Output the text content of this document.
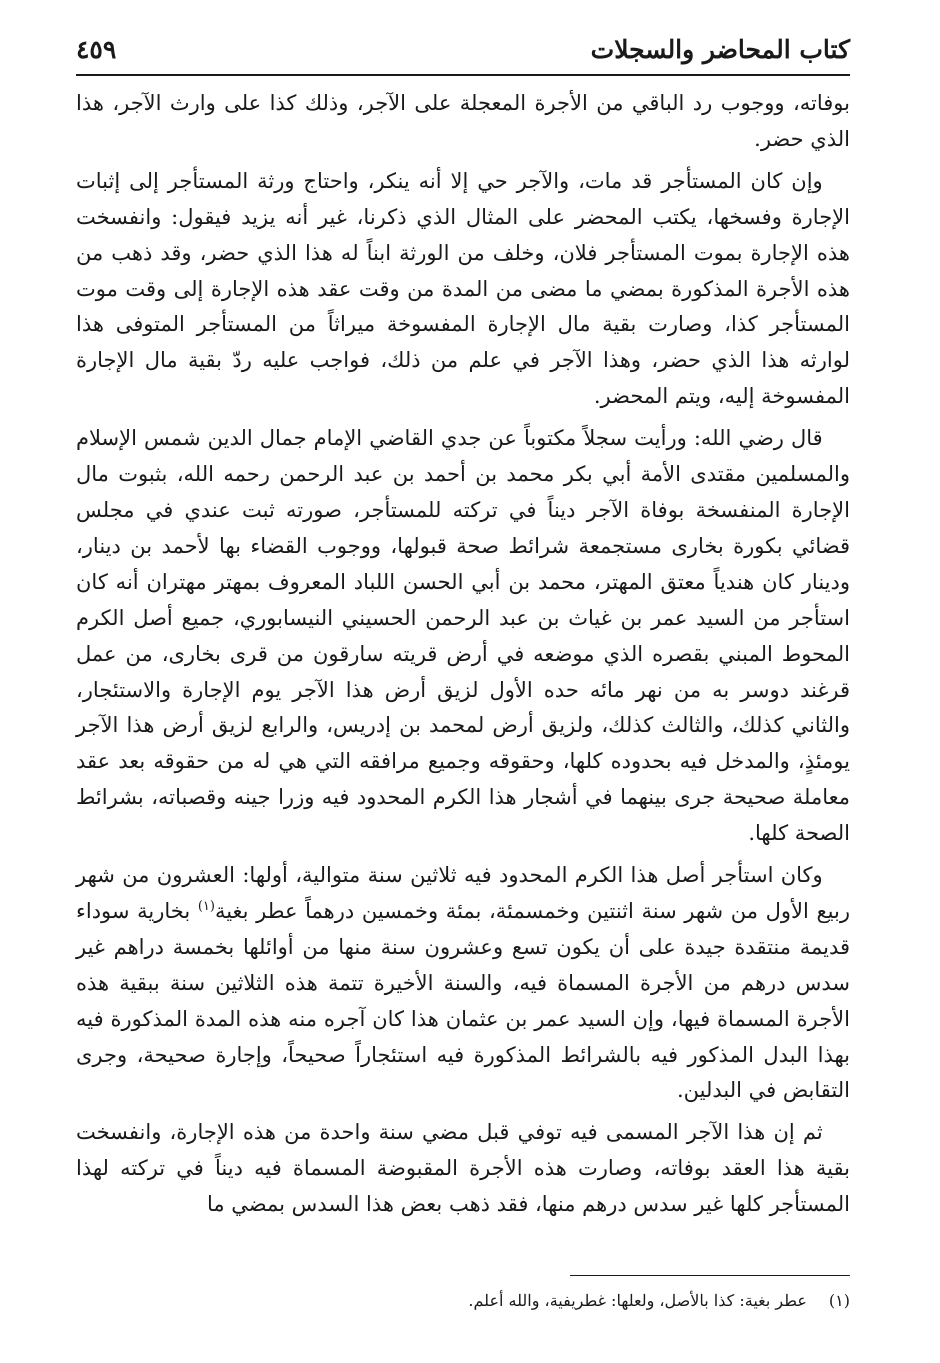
كتاب المحاضر والسجلات
٤٥٩

بوفاته، ووجوب رد الباقي من الأجرة المعجلة على الآجر، وذلك كذا على وارث الآجر، هذا الذي حضر.

وإن كان المستأجر قد مات، والآجر حي إلا أنه ينكر، واحتاج ورثة المستأجر إلى إثبات الإجارة وفسخها، يكتب المحضر على المثال الذي ذكرنا، غير أنه يزيد فيقول: وانفسخت هذه الإجارة بموت المستأجر فلان، وخلف من الورثة ابناً له هذا الذي حضر، وقد ذهب من هذه الأجرة المذكورة بمضي ما مضى من المدة من وقت عقد هذه الإجارة إلى وقت موت المستأجر كذا، وصارت بقية مال الإجارة المفسوخة ميراثاً من المستأجر المتوفى هذا لوارثه هذا الذي حضر، وهذا الآجر في علم من ذلك، فواجب عليه ردّ بقية مال الإجارة المفسوخة إليه، ويتم المحضر.

قال رضي الله: ورأيت سجلاً مكتوباً عن جدي القاضي الإمام جمال الدين شمس الإسلام والمسلمين مقتدى الأمة أبي بكر محمد بن أحمد بن عبد الرحمن رحمه الله، بثبوت مال الإجارة المنفسخة بوفاة الآجر ديناً في تركته للمستأجر، صورته ثبت عندي في مجلس قضائي بكورة بخارى مستجمعة شرائط صحة قبولها، ووجوب القضاء بها لأحمد بن دينار، ودينار كان هندياً معتق المهتر، محمد بن أبي الحسن اللباد المعروف بمهتر مهتران أنه كان استأجر من السيد عمر بن غياث بن عبد الرحمن الحسيني النيسابوري، جميع أصل الكرم المحوط المبني بقصره الذي موضعه في أرض قريته سارقون من قرى بخارى، من عمل قرغند دوسر به من نهر مائه حده الأول لزيق أرض هذا الآجر يوم الإجارة والاستئجار، والثاني كذلك، والثالث كذلك، ولزيق أرض لمحمد بن إدريس، والرابع لزيق أرض هذا الآجر يومئذٍ، والمدخل فيه بحدوده كلها، وحقوقه وجميع مرافقه التي هي له من حقوقه بعد عقد معاملة صحيحة جرى بينهما في أشجار هذا الكرم المحدود فيه وزرا جينه وقصباته، بشرائط الصحة كلها.

وكان استأجر أصل هذا الكرم المحدود فيه ثلاثين سنة متوالية، أولها: العشرون من شهر ربيع الأول من شهر سنة اثنتين وخمسمئة، بمئة وخمسين درهماً عطر بغية$^{(١)}$ بخارية سوداء قديمة منتقدة جيدة على أن يكون تسع وعشرون سنة منها من أوائلها بخمسة دراهم غير سدس درهم من الأجرة المسماة فيه، والسنة الأخيرة تتمة هذه الثلاثين سنة ببقية هذه الأجرة المسماة فيها، وإن السيد عمر بن عثمان هذا كان آجره منه هذه المدة المذكورة فيه بهذا البدل المذكور فيه بالشرائط المذكورة فيه استئجاراً صحيحاً، وإجارة صحيحة، وجرى التقابض في البدلين.

ثم إن هذا الآجر المسمى فيه توفي قبل مضي سنة واحدة من هذه الإجارة، وانفسخت بقية هذا العقد بوفاته، وصارت هذه الأجرة المقبوضة المسماة فيه ديناً في تركته لهذا المستأجر كلها غير سدس درهم منها، فقد ذهب بعض هذا السدس بمضي ما

(١)عطر بغية: كذا بالأصل، ولعلها: غطريفية، والله أعلم.
